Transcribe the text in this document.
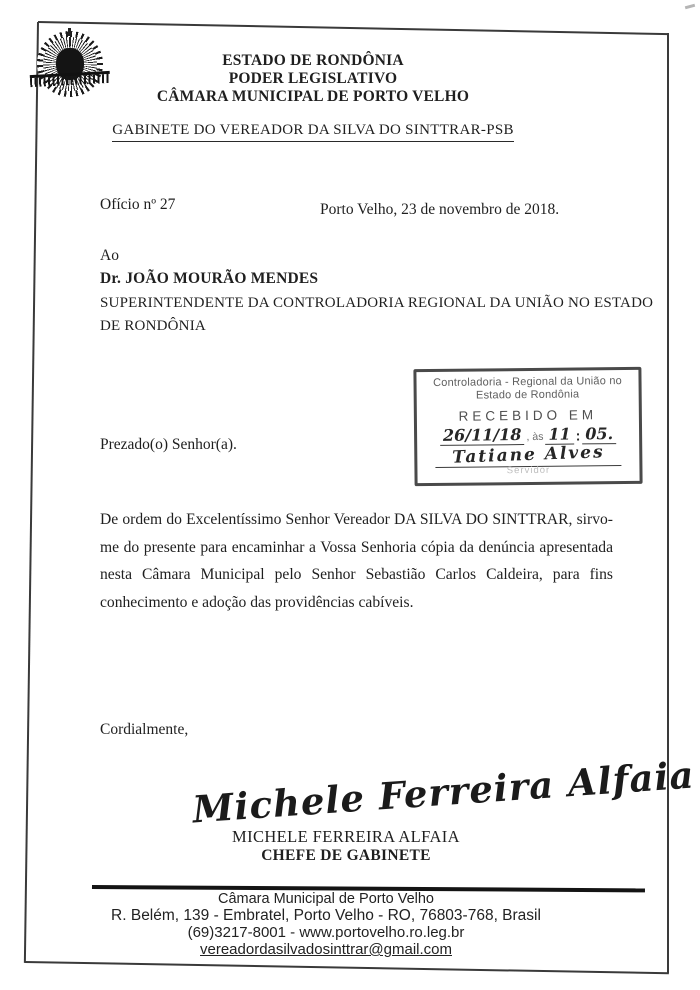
ESTADO DE RONDÔNIA
PODER LEGISLATIVO
CÂMARA MUNICIPAL DE PORTO VELHO
GABINETE DO VEREADOR DA SILVA DO SINTTRAR-PSB
Ofício nº 27	Porto Velho, 23 de novembro de 2018.
Ao
Dr. JOÃO MOURÃO MENDES
SUPERINTENDENTE DA CONTROLADORIA REGIONAL DA UNIÃO NO ESTADO
DE RONDÔNIA
Controladoria - Regional da União no
Estado de Rondônia
RECEBIDO EM
26/11/18 , às 11 : 05.
Tatiane Alves
Servidor
Prezado(o) Senhor(a).
De ordem do Excelentíssimo Senhor Vereador DA SILVA DO SINTTRAR, sirvo-me do presente para encaminhar a Vossa Senhoria cópia da denúncia apresentada nesta Câmara Municipal pelo Senhor Sebastião Carlos Caldeira, para fins conhecimento e adoção das providências cabíveis.
Cordialmente,
Michele Ferreira Alfaia
MICHELE FERREIRA ALFAIA
CHEFE DE GABINETE
Câmara Municipal de Porto Velho
R. Belém, 139 - Embratel, Porto Velho - RO, 76803-768, Brasil
(69)3217-8001 - www.portovelho.ro.leg.br
vereadordasilvadosinttrar@gmail.com
